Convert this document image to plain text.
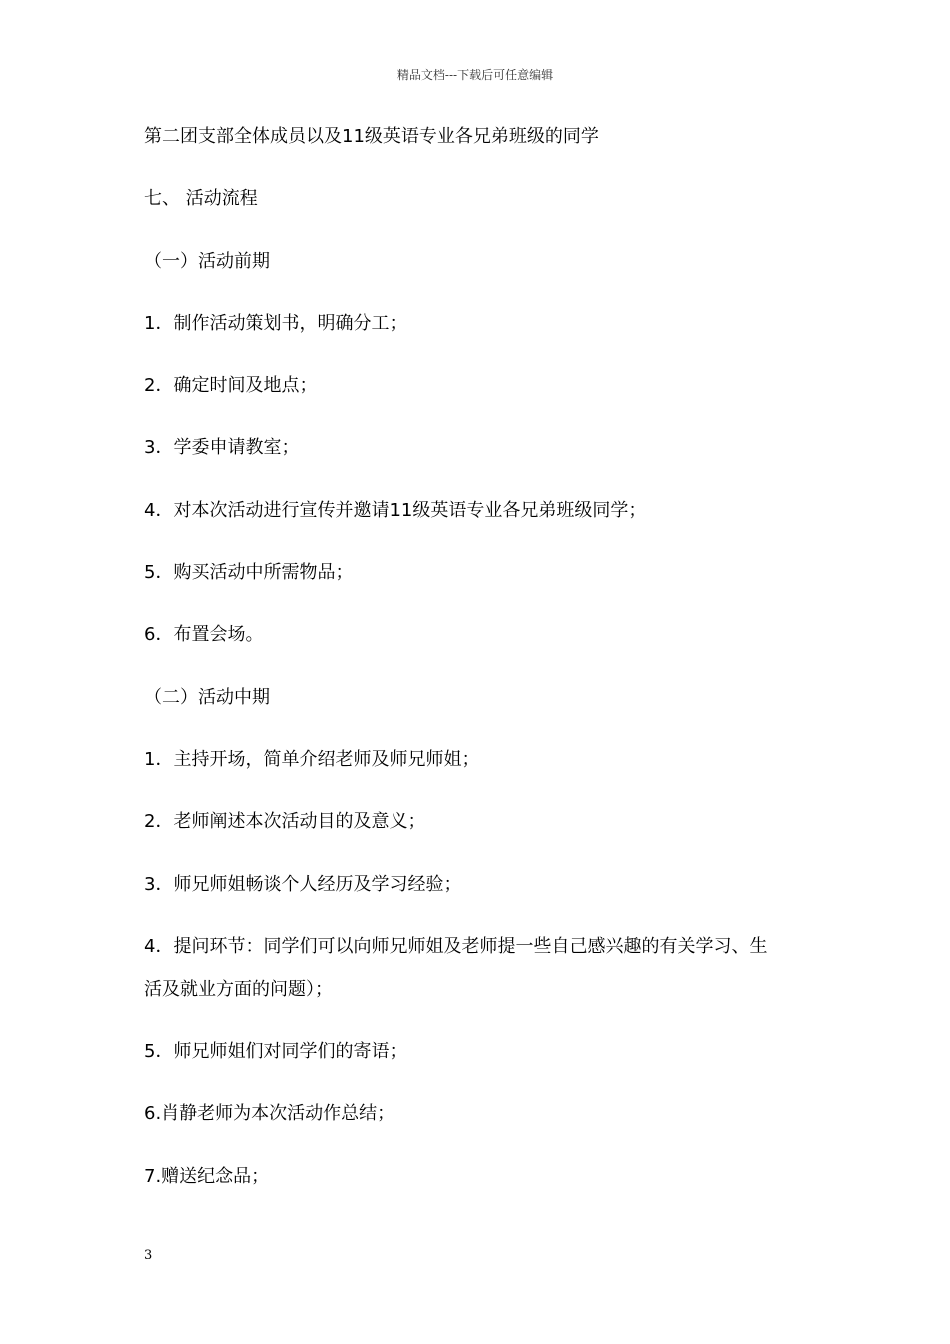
精品文档---下载后可任意编辑
第二团支部全体成员以及11级英语专业各兄弟班级的同学
七、 活动流程
（一）活动前期
1．制作活动策划书，明确分工；
2．确定时间及地点；
3．学委申请教室；
4．对本次活动进行宣传并邀请11级英语专业各兄弟班级同学；
5．购买活动中所需物品；
6．布置会场。
（二）活动中期
1．主持开场，简单介绍老师及师兄师姐；
2．老师阐述本次活动目的及意义；
3．师兄师姐畅谈个人经历及学习经验；
4．提问环节：同学们可以向师兄师姐及老师提一些自己感兴趣的有关学习、生
活及就业方面的问题）；
5．师兄师姐们对同学们的寄语；
6.肖静老师为本次活动作总结；
7.赠送纪念品；
3
